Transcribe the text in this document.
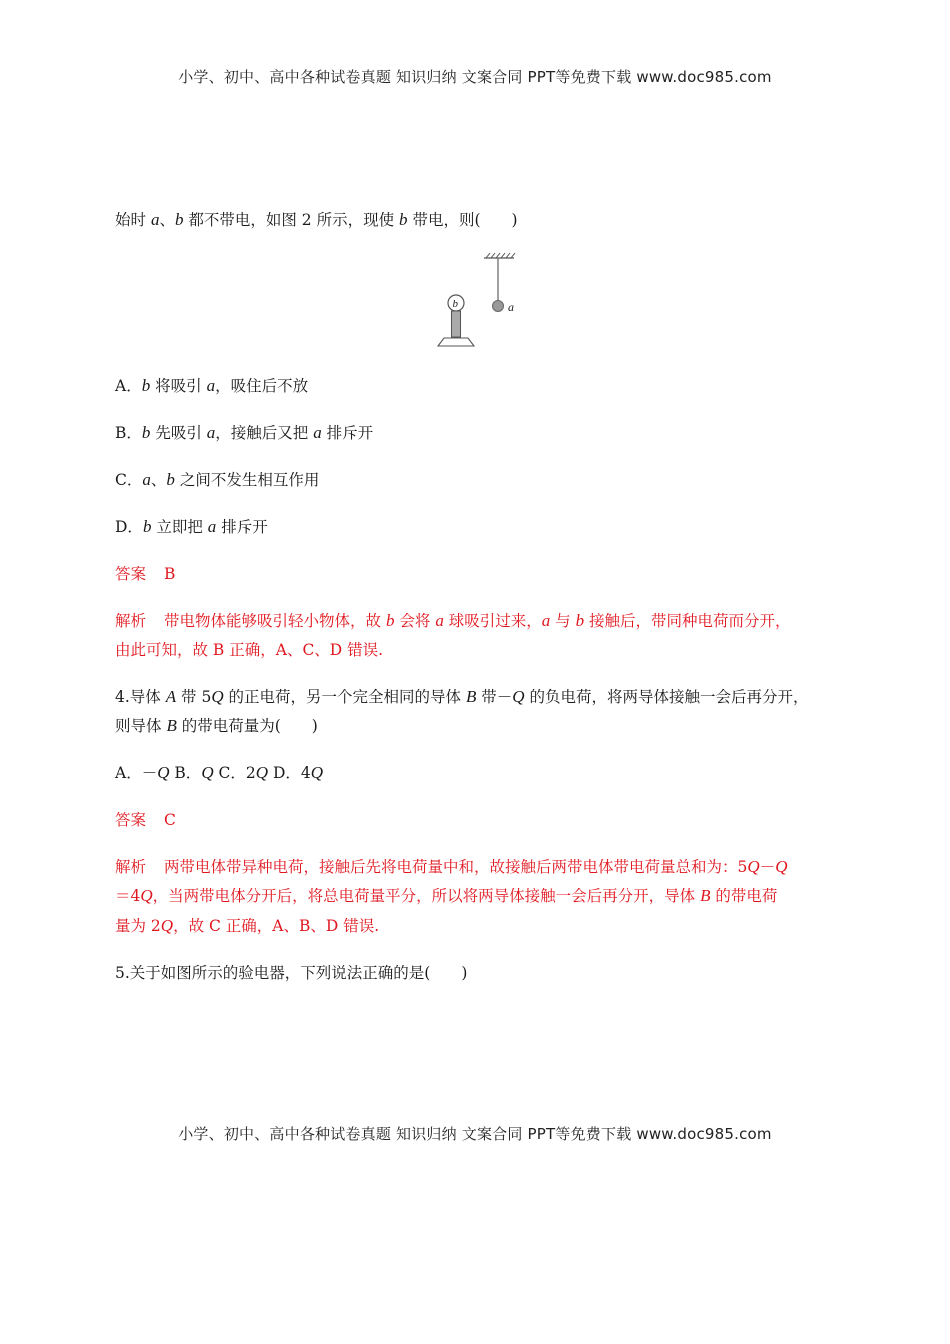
小学、初中、高中各种试卷真题 知识归纳 文案合同 PPT等免费下载 www.doc985.com
始时 a、b 都不带电，如图 2 所示，现使 b 带电，则(　　)
a
b
A．b 将吸引 a，吸住后不放
B．b 先吸引 a，接触后又把 a 排斥开
C．a、b 之间不发生相互作用
D．b 立即把 a 排斥开
答案 B
解析 带电物体能够吸引轻小物体，故 b 会将 a 球吸引过来，a 与 b 接触后，带同种电荷而分开，
由此可知，故 B 正确，A、C、D 错误.
4.导体 A 带 5Q 的正电荷，另一个完全相同的导体 B 带－Q 的负电荷，将两导体接触一会后再分开，
则导体 B 的带电荷量为(　　)
A．－Q B．Q C．2Q D．4Q
答案 C
解析 两带电体带异种电荷，接触后先将电荷量中和，故接触后两带电体带电荷量总和为：5Q－Q
＝4Q，当两带电体分开后，将总电荷量平分，所以将两导体接触一会后再分开，导体 B 的带电荷
量为 2Q，故 C 正确，A、B、D 错误.
5.关于如图所示的验电器，下列说法正确的是(　　)
小学、初中、高中各种试卷真题 知识归纳 文案合同 PPT等免费下载 www.doc985.com
